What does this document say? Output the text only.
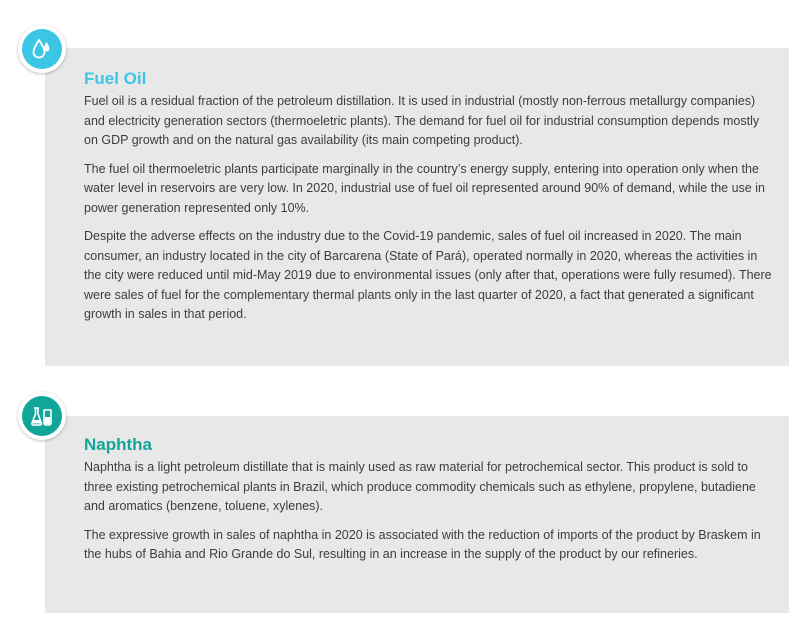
Fuel Oil

Fuel oil is a residual fraction of the petroleum distillation. It is used in industrial (mostly non-ferrous metallurgy companies) and electricity generation sectors (thermoeletric plants). The demand for fuel oil for industrial consumption depends mostly on GDP growth and on the natural gas availability (its main competing product).

The fuel oil thermoeletric plants participate marginally in the country’s energy supply, entering into operation only when the water level in reservoirs are very low. In 2020, industrial use of fuel oil represented around 90% of demand, while the use in power generation represented only 10%.

Despite the adverse effects on the industry due to the Covid-19 pandemic, sales of fuel oil increased in 2020. The main consumer, an industry located in the city of Barcarena (State of Pará), operated normally in 2020, whereas the activities in the city were reduced until mid-May 2019 due to environmental issues (only after that, operations were fully resumed). There were sales of fuel for the complementary thermal plants only in the last quarter of 2020, a fact that generated a significant growth in sales in that period.

Naphtha

Naphtha is a light petroleum distillate that is mainly used as raw material for petrochemical sector. This product is sold to three existing petrochemical plants in Brazil, which produce commodity chemicals such as ethylene, propylene, butadiene and aromatics (benzene, toluene, xylenes).

The expressive growth in sales of naphtha in 2020 is associated with the reduction of imports of the product by Braskem in the hubs of Bahia and Rio Grande do Sul, resulting in an increase in the supply of the product by our refineries.
